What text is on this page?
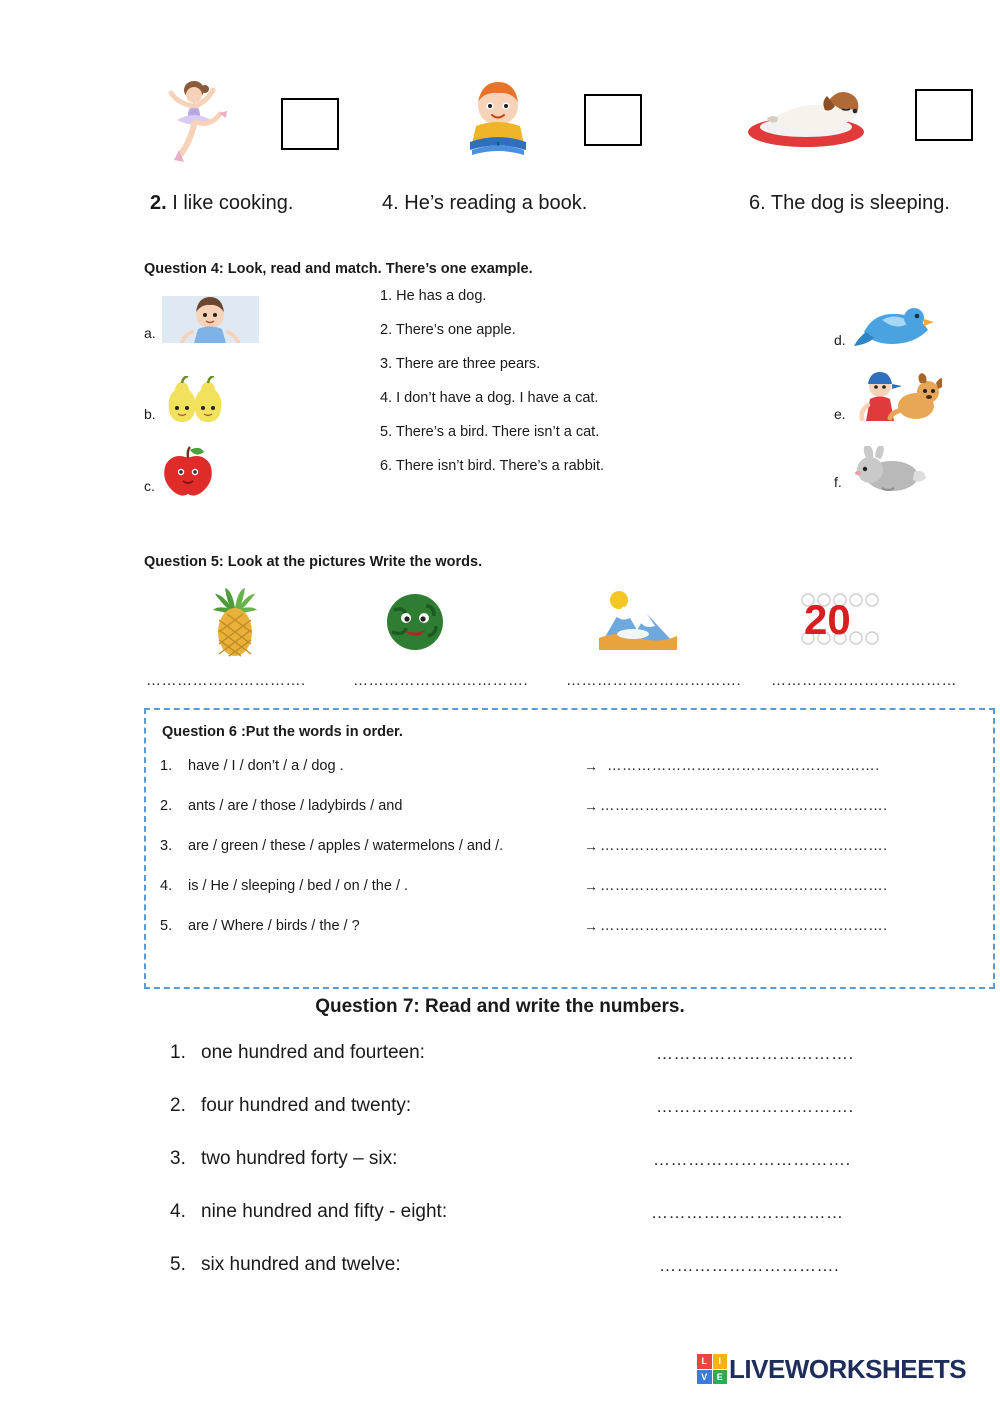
2. I like cooking.	4. He’s reading a book.	6. The dog is sleeping.
Question 4: Look, read and match. There’s one example.
a.
b.
c.
1. He has a dog.
2. There’s one apple.
3. There are three pears.
4. I don’t have a dog. I have a cat.
5. There’s a bird. There isn’t a cat.
6. There isn’t bird. There’s a rabbit.
d.
e.
f.
Question 5: Look at the pictures Write the words.
20
………………………….	…………………………….	……………………………. ………………………………
Question 6 :Put the words in order.
1. have / I / don’t / a / dog .	→ ……………………………………………….
2. ants / are / those / ladybirds / and	→ ………………………………………………….
3. are / green / these / apples / watermelons / and /.	→ ………………………………………………….
4. is / He / sleeping / bed / on / the / .	→ ………………………………………………….
5. are / Where / birds / the / ?	→ ………………………………………………….
Question 7: Read and write the numbers.
1. one hundred and fourteen:	…………………………….
2. four hundred and twenty:	…………………………….
3. two hundred forty – six:	…………………………….
4. nine hundred and fifty - eight:	……………………………
5. six hundred and twelve:	………………………….
L	I
V	E LIVEWORKSHEETS
